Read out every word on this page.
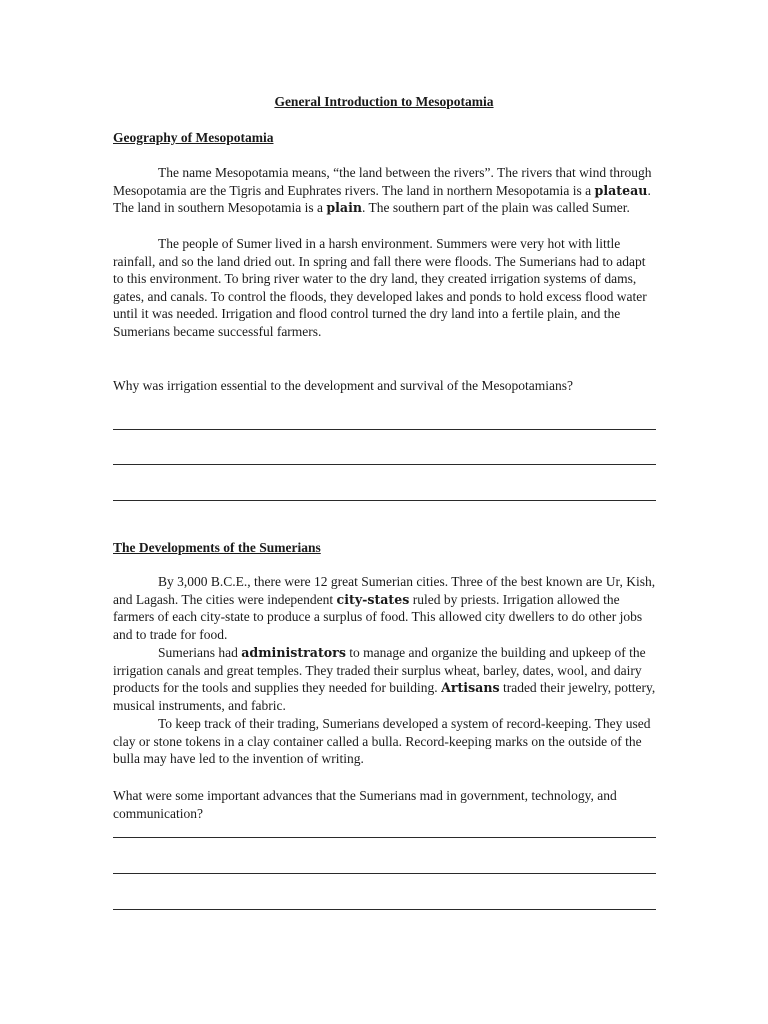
General Introduction to Mesopotamia
Geography of Mesopotamia

The name Mesopotamia means, “the land between the rivers”. The rivers that wind through Mesopotamia are the Tigris and Euphrates rivers. The land in northern Mesopotamia is a plateau. The land in southern Mesopotamia is a plain. The southern part of the plain was called Sumer.

The people of Sumer lived in a harsh environment. Summers were very hot with little rainfall, and so the land dried out. In spring and fall there were floods. The Sumerians had to adapt to this environment. To bring river water to the dry land, they created irrigation systems of dams, gates, and canals. To control the floods, they developed lakes and ponds to hold excess flood water until it was needed. Irrigation and flood control turned the dry land into a fertile plain, and the Sumerians became successful farmers.

Why was irrigation essential to the development and survival of the Mesopotamians?

The Developments of the Sumerians

By 3,000 B.C.E., there were 12 great Sumerian cities. Three of the best known are Ur, Kish, and Lagash. The cities were independent city-states ruled by priests. Irrigation allowed the farmers of each city-state to produce a surplus of food. This allowed city dwellers to do other jobs and to trade for food.

Sumerians had administrators to manage and organize the building and upkeep of the irrigation canals and great temples. They traded their surplus wheat, barley, dates, wool, and dairy products for the tools and supplies they needed for building. Artisans traded their jewelry, pottery, musical instruments, and fabric.

To keep track of their trading, Sumerians developed a system of record-keeping. They used clay or stone tokens in a clay container called a bulla. Record-keeping marks on the outside of the bulla may have led to the invention of writing.

What were some important advances that the Sumerians mad in government, technology, and communication?
